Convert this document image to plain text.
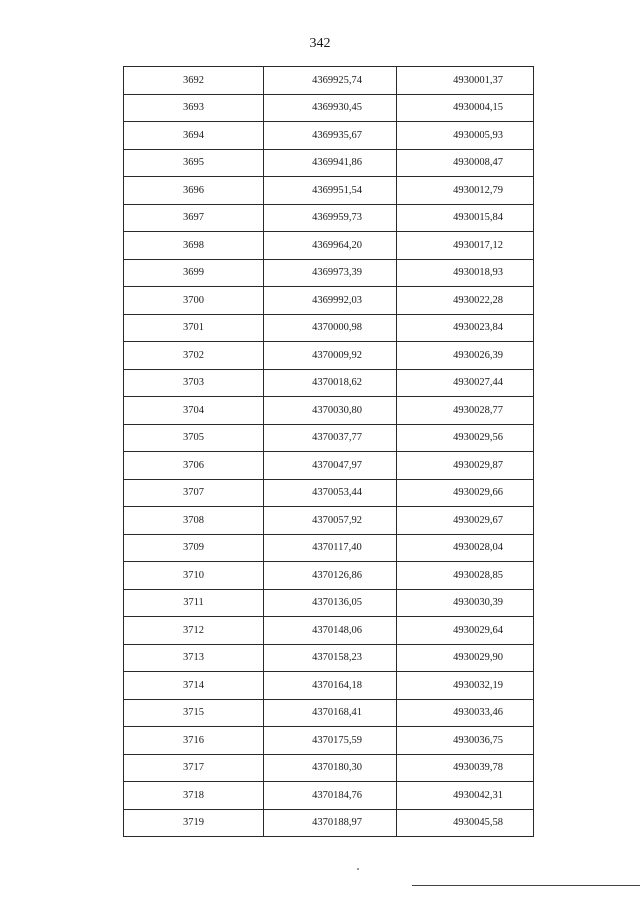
342
3692	4369925,74	4930001,37
3693	4369930,45	4930004,15
3694	4369935,67	4930005,93
3695	4369941,86	4930008,47
3696	4369951,54	4930012,79
3697	4369959,73	4930015,84
3698	4369964,20	4930017,12
3699	4369973,39	4930018,93
3700	4369992,03	4930022,28
3701	4370000,98	4930023,84
3702	4370009,92	4930026,39
3703	4370018,62	4930027,44
3704	4370030,80	4930028,77
3705	4370037,77	4930029,56
3706	4370047,97	4930029,87
3707	4370053,44	4930029,66
3708	4370057,92	4930029,67
3709	4370117,40	4930028,04
3710	4370126,86	4930028,85
3711	4370136,05	4930030,39
3712	4370148,06	4930029,64
3713	4370158,23	4930029,90
3714	4370164,18	4930032,19
3715	4370168,41	4930033,46
3716	4370175,59	4930036,75
3717	4370180,30	4930039,78
3718	4370184,76	4930042,31
3719	4370188,97	4930045,58
